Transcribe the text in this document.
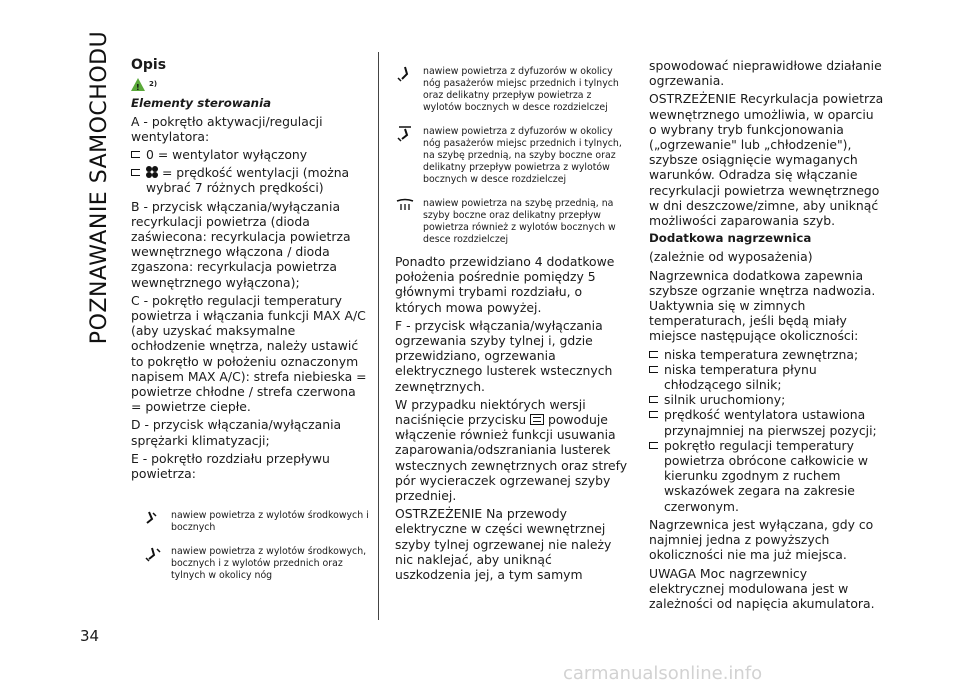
POZNAWANIE SAMOCHODU
34
carmanualsonline.info
Opis
!
2)
Elementy sterowania

A - pokrętło aktywacji/regulacji wentylatora:

0 = wentylator wyłączony

= prędkość wentylacji (można wybrać 7 różnych prędkości)

B - przycisk włączania/wyłączania recyrkulacji powietrza (dioda zaświecona: recyrkulacja powietrza wewnętrznego włączona / dioda zgaszona: recyrkulacja powietrza wewnętrznego wyłączona);

C - pokrętło regulacji temperatury powietrza i włączania funkcji MAX A/C (aby uzyskać maksymalne ochłodzenie wnętrza, należy ustawić to pokrętło w położeniu oznaczonym napisem MAX A/C): strefa niebieska = powietrze chłodne / strefa czerwona = powietrze ciepłe.

D - przycisk włączania/wyłączania sprężarki klimatyzacji;

E - pokrętło rozdziału przepływu powietrza:

nawiew powietrza z wylotów środkowych i bocznych
nawiew powietrza z wylotów środkowych, bocznych i z wylotów przednich oraz tylnych w okolicy nóg
nawiew powietrza z dyfuzorów w okolicy nóg pasażerów miejsc przednich i tylnych oraz delikatny przepływ powietrza z wylotów bocznych w desce rozdzielczej
nawiew powietrza z dyfuzorów w okolicy nóg pasażerów miejsc przednich i tylnych, na szybę przednią, na szyby boczne oraz delikatny przepływ powietrza z wylotów bocznych w desce rozdzielczej
nawiew powietrza na szybę przednią, na szyby boczne oraz delikatny przepływ powietrza również z wylotów bocznych w desce rozdzielczej

Ponadto przewidziano 4 dodatkowe położenia pośrednie pomiędzy 5 głównymi trybami rozdziału, o których mowa powyżej.

F - przycisk włączania/wyłączania ogrzewania szyby tylnej i, gdzie przewidziano, ogrzewania elektrycznego lusterek wstecznych zewnętrznych.

W przypadku niektórych wersji naciśnięcie przycisku powoduje włączenie również funkcji usuwania zaparowania/odszraniania lusterek wstecznych zewnętrznych oraz strefy pór wycieraczek ogrzewanej szyby przedniej.

OSTRZEŻENIE Na przewody elektryczne w części wewnętrznej szyby tylnej ogrzewanej nie należy nic naklejać, aby uniknąć uszkodzenia jej, a tym samym

spowodować nieprawidłowe działanie ogrzewania.

OSTRZEŻENIE Recyrkulacja powietrza wewnętrznego umożliwia, w oparciu o wybrany tryb funkcjonowania („ogrzewanie" lub „chłodzenie"), szybsze osiągnięcie wymaganych warunków. Odradza się włączanie recyrkulacji powietrza wewnętrznego w dni deszczowe/zimne, aby uniknąć możliwości zaparowania szyb.

Dodatkowa nagrzewnica

(zależnie od wyposażenia)

Nagrzewnica dodatkowa zapewnia szybsze ogrzanie wnętrza nadwozia. Uaktywnia się w zimnych temperaturach, jeśli będą miały miejsce następujące okoliczności:

niska temperatura zewnętrzna;

niska temperatura płynu chłodzącego silnik;

silnik uruchomiony;

prędkość wentylatora ustawiona przynajmniej na pierwszej pozycji;

pokrętło regulacji temperatury powietrza obrócone całkowicie w kierunku zgodnym z ruchem wskazówek zegara na zakresie czerwonym.

Nagrzewnica jest wyłączana, gdy co najmniej jedna z powyższych okoliczności nie ma już miejsca.

UWAGA Moc nagrzewnicy elektrycznej modulowana jest w zależności od napięcia akumulatora.
